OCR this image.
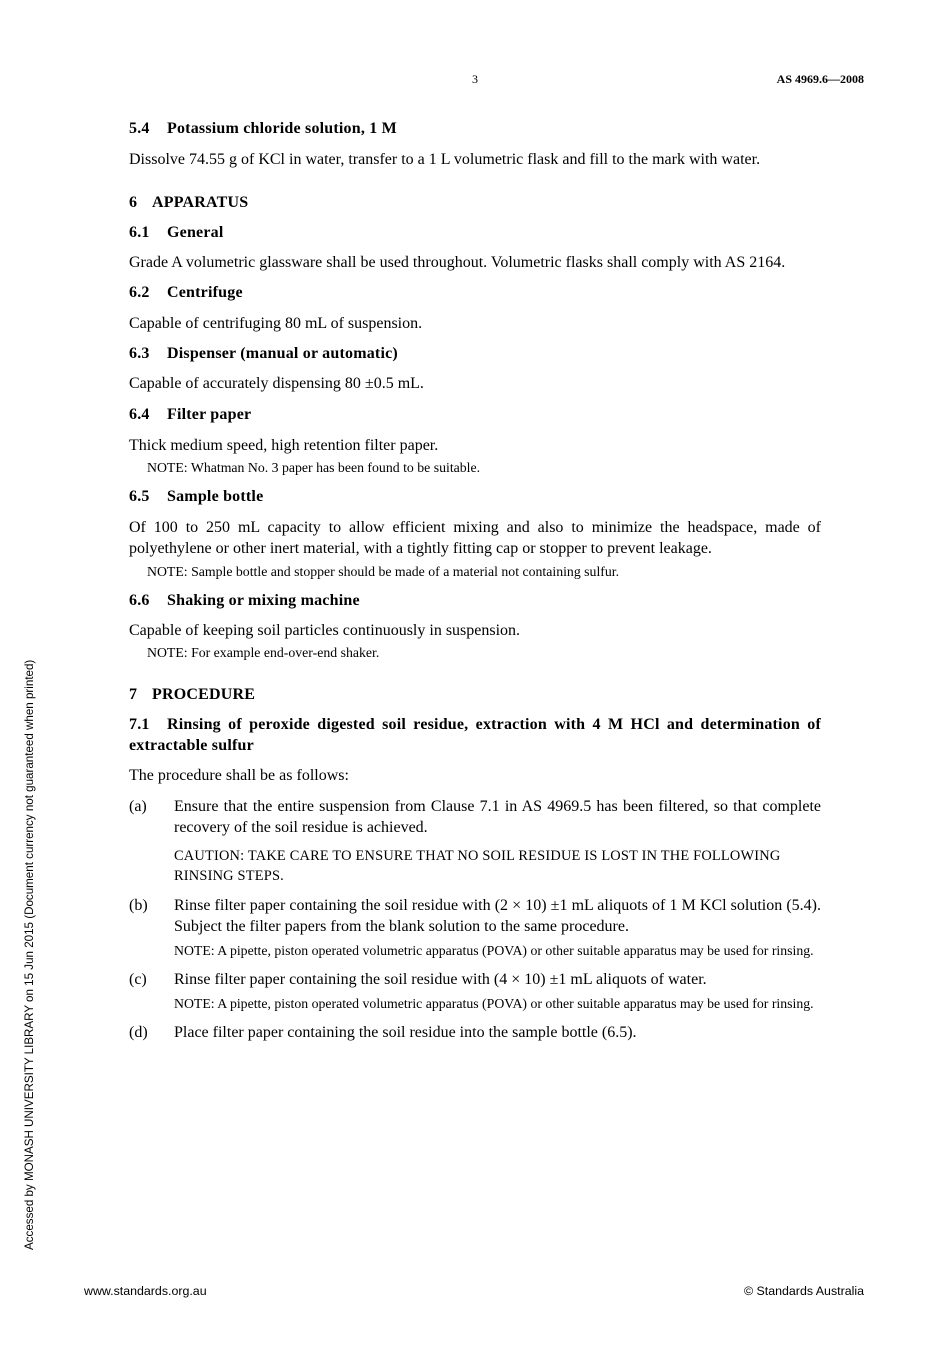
3	AS 4969.6—2008
Accessed by MONASH UNIVERSITY LIBRARY on 15 Jun 2015 (Document currency not guaranteed when printed)

5.4 Potassium chloride solution, 1 M

Dissolve 74.55 g of KCl in water, transfer to a 1 L volumetric flask and fill to the mark with water.

6 APPARATUS

6.1 General

Grade A volumetric glassware shall be used throughout. Volumetric flasks shall comply with AS 2164.

6.2 Centrifuge

Capable of centrifuging 80 mL of suspension.

6.3 Dispenser (manual or automatic)

Capable of accurately dispensing 80 ±0.5 mL.

6.4 Filter paper

Thick medium speed, high retention filter paper.

NOTE: Whatman No. 3 paper has been found to be suitable.

6.5 Sample bottle

Of 100 to 250 mL capacity to allow efficient mixing and also to minimize the headspace, made of polyethylene or other inert material, with a tightly fitting cap or stopper to prevent leakage.

NOTE: Sample bottle and stopper should be made of a material not containing sulfur.

6.6 Shaking or mixing machine

Capable of keeping soil particles continuously in suspension.

NOTE: For example end-over-end shaker.

7 PROCEDURE

7.1 Rinsing of peroxide digested soil residue, extraction with 4 M HCl and determination of extractable sulfur

The procedure shall be as follows:

(a) Ensure that the entire suspension from Clause 7.1 in AS 4969.5 has been filtered, so that complete recovery of the soil residue is achieved.
CAUTION: TAKE CARE TO ENSURE THAT NO SOIL RESIDUE IS LOST IN THE FOLLOWING RINSING STEPS.
(b) Rinse filter paper containing the soil residue with (2 × 10) ±1 mL aliquots of 1 M KCl solution (5.4). Subject the filter papers from the blank solution to the same procedure.
NOTE: A pipette, piston operated volumetric apparatus (POVA) or other suitable apparatus may be used for rinsing.
(c) Rinse filter paper containing the soil residue with (4 × 10) ±1 mL aliquots of water.
NOTE: A pipette, piston operated volumetric apparatus (POVA) or other suitable apparatus may be used for rinsing.
(d) Place filter paper containing the soil residue into the sample bottle (6.5).
www.standards.org.au	© Standards Australia
